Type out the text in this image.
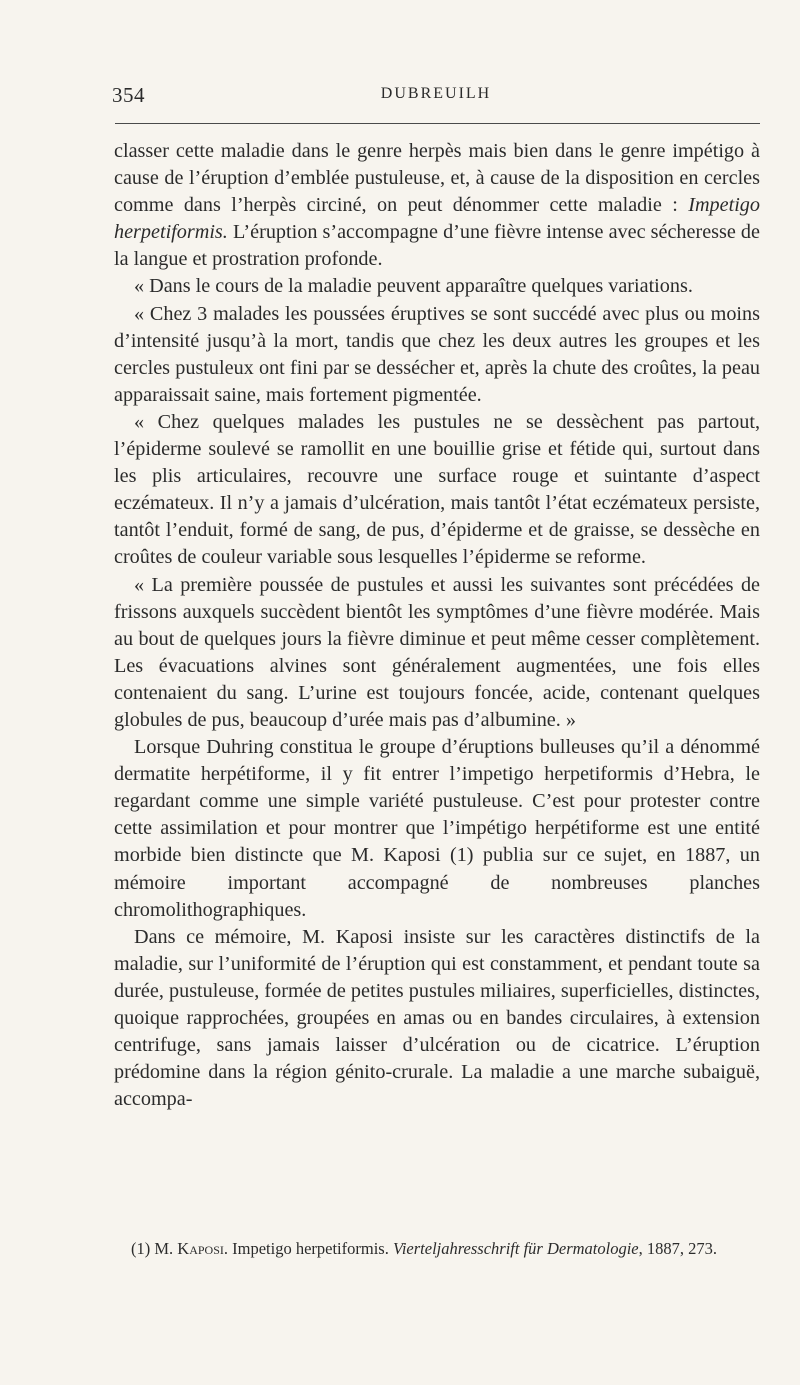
354	DUBREUILH

classer cette maladie dans le genre herpès mais bien dans le genre impétigo à cause de l’éruption d’emblée pustuleuse, et, à cause de la disposition en cercles comme dans l’herpès circiné, on peut dénommer cette maladie : Impetigo herpetiformis. L’éruption s’accompagne d’une fièvre intense avec sécheresse de la langue et prostration profonde.

« Dans le cours de la maladie peuvent apparaître quelques variations.

« Chez 3 malades les poussées éruptives se sont succédé avec plus ou moins d’intensité jusqu’à la mort, tandis que chez les deux autres les groupes et les cercles pustuleux ont fini par se dessécher et, après la chute des croûtes, la peau apparaissait saine, mais fortement pigmentée.

« Chez quelques malades les pustules ne se dessèchent pas partout, l’épiderme soulevé se ramollit en une bouillie grise et fétide qui, surtout dans les plis articulaires, recouvre une surface rouge et suintante d’aspect eczémateux. Il n’y a jamais d’ulcération, mais tantôt l’état eczémateux persiste, tantôt l’enduit, formé de sang, de pus, d’épiderme et de graisse, se dessèche en croûtes de couleur variable sous lesquelles l’épiderme se reforme.

« La première poussée de pustules et aussi les suivantes sont précédées de frissons auxquels succèdent bientôt les symptômes d’une fièvre modérée. Mais au bout de quelques jours la fièvre diminue et peut même cesser complètement. Les évacuations alvines sont généralement augmentées, une fois elles contenaient du sang. L’urine est toujours foncée, acide, contenant quelques globules de pus, beaucoup d’urée mais pas d’albumine. »

Lorsque Duhring constitua le groupe d’éruptions bulleuses qu’il a dénommé dermatite herpétiforme, il y fit entrer l’impetigo herpetiformis d’Hebra, le regardant comme une simple variété pustuleuse. C’est pour protester contre cette assimilation et pour montrer que l’impétigo herpétiforme est une entité morbide bien distincte que M. Kaposi (1) publia sur ce sujet, en 1887, un mémoire important accompagné de nombreuses planches chromolithographiques.

Dans ce mémoire, M. Kaposi insiste sur les caractères distinctifs de la maladie, sur l’uniformité de l’éruption qui est constamment, et pendant toute sa durée, pustuleuse, formée de petites pustules miliaires, superficielles, distinctes, quoique rapprochées, groupées en amas ou en bandes circulaires, à extension centrifuge, sans jamais laisser d’ulcération ou de cicatrice. L’éruption prédomine dans la région génito-crurale. La maladie a une marche subaiguë, accompa-

(1) M. Kaposi. Impetigo herpetiformis. Vierteljahresschrift für Dermatologie, 1887, 273.
